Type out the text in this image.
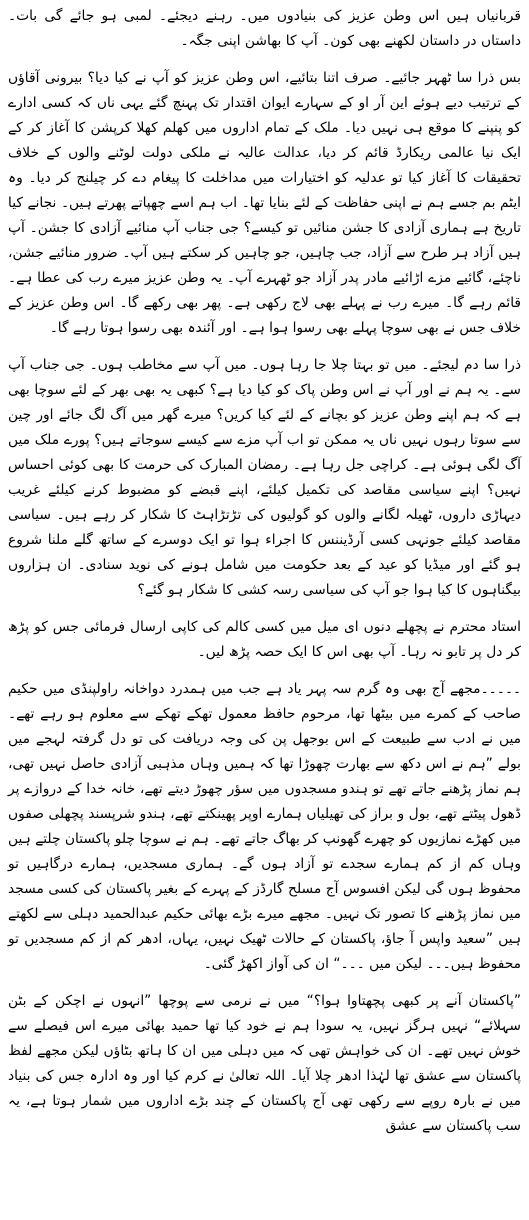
قربانیاں ہیں اس وطن عزیز کی بنیادوں میں۔ رہنے دیجئے۔ لمبی ہو جائے گی بات۔ داستاں در داستان لکھنے بھی کون۔ آپ کا بھاشن اپنی جگہ۔

بس ذرا سا ٹھہر جائیے۔ صرف اتنا بتائیے، اس وطن عزیز کو آپ نے کیا دیا؟ بیرونی آقاؤں کے ترتیب دیے ہوئے این آر او کے سہارے ایوان اقتدار تک پہنچ گئے یہی ناں کہ کسی ادارے کو پنپنے کا موقع ہی نہیں دیا۔ ملک کے تمام اداروں میں کھلم کھلا کرپشن کا آغاز کر کے ایک نیا عالمی ریکارڈ قائم کر دیا، عدالت عالیہ نے ملکی دولت لوٹنے والوں کے خلاف تحقیقات کا آغاز کیا تو عدلیہ کو اختیارات میں مداخلت کا پیغام دے کر چیلنج کر دیا۔ وہ ایٹم بم جسے ہم نے اپنی حفاظت کے لئے بنایا تھا۔ اب ہم اسے چھپاتے پھرتے ہیں۔ نجانے کیا تاریخ ہے ہماری آزادی کا جشن منائیں تو کیسے؟ جی جناب آپ منائیے آزادی کا جشن۔ آپ ہیں آزاد ہر طرح سے آزاد، جب چاہیں، جو چاہیں کر سکتے ہیں آپ۔ ضرور منائیے جشن، ناچئے، گائیے مزے اڑائیے مادر پدر آزاد جو ٹھہرے آپ۔ یہ وطن عزیز میرے رب کی عطا ہے۔ قائم رہے گا۔ میرے رب نے پہلے بھی لاج رکھی ہے۔ پھر بھی رکھے گا۔ اس وطن عزیز کے خلاف جس نے بھی سوچا پہلے بھی رسوا ہوا ہے۔ اور آئندہ بھی رسوا ہوتا رہے گا۔

ذرا سا دم لیجئے۔ میں تو بہتا چلا جا رہا ہوں۔ میں آپ سے مخاطب ہوں۔ جی جناب آپ سے۔ یہ ہم نے اور آپ نے اس وطن پاک کو کیا دیا ہے؟ کبھی یہ بھی بھر کے لئے سوچا بھی ہے کہ ہم اپنے وطن عزیز کو بچانے کے لئے کیا کریں؟ میرے گھر میں آگ لگ جائے اور چین سے سوتا رہوں نہیں ناں یہ ممکن تو اب آپ مزے سے کیسے سوجاتے ہیں؟ پورے ملک میں آگ لگی ہوئی ہے۔ کراچی جل رہا ہے۔ رمضان المبارک کی حرمت کا بھی کوئی احساس نہیں؟ اپنے سیاسی مقاصد کی تکمیل کیلئے، اپنے قبضے کو مضبوط کرنے کیلئے غریب دیہاڑی داروں، ٹھیلہ لگانے والوں کو گولیوں کی تڑتڑاہٹ کا شکار کر رہے ہیں۔ سیاسی مقاصد کیلئے جونہی کسی آرڈیننس کا اجراء ہوا تو ایک دوسرے کے ساتھ گلے ملنا شروع ہو گئے اور میڈیا کو عید کے بعد حکومت میں شامل ہونے کی نوید سنادی۔ ان ہزاروں بیگناہوں کا کیا ہوا جو آپ کی سیاسی رسہ کشی کا شکار ہو گئے؟

استاد محترم نے پچھلے دنوں ای میل میں کسی کالم کی کاپی ارسال فرمائی جس کو پڑھ کر دل پر تابو نہ رہا۔ آپ بھی اس کا ایک حصہ پڑھ لیں۔

۔۔۔۔۔مجھے آج بھی وہ گرم سہ پہر یاد ہے جب میں ہمدرد دواخانہ راولپنڈی میں حکیم صاحب کے کمرے میں بیٹھا تھا، مرحوم حافظ معمول تھکے تھکے سے معلوم ہو رہے تھے۔ میں نے ادب سے طبیعت کے اس بوجھل پن کی وجہ دریافت کی تو دل گرفتہ لہجے میں بولے ”ہم نے اس دکھ سے بھارت چھوڑا تھا کہ ہمیں وہاں مذہبی آزادی حاصل نہیں تھی، ہم نماز پڑھنے جاتے تھے تو ہندو مسجدوں میں سؤر چھوڑ دیتے تھے، خانہ خدا کے دروازے پر ڈھول پیٹتے تھے، بول و براز کی تھیلیاں ہمارے اوپر پھینکتے تھے، ہندو شرپسند پچھلی صفوں میں کھڑے نمازیوں کو چھرے گھونپ کر بھاگ جاتے تھے۔ ہم نے سوچا چلو پاکستان چلتے ہیں وہاں کم از کم ہمارے سجدے تو آزاد ہوں گے۔ ہماری مسجدیں، ہمارے درگاہیں تو محفوظ ہوں گی لیکن افسوس آج مسلح گارڈز کے پہرے کے بغیر پاکستان کی کسی مسجد میں نماز پڑھنے کا تصور تک نہیں۔ مجھے میرے بڑے بھائی حکیم عبدالحمید دہلی سے لکھتے ہیں ”سعید واپس آ جاؤ، پاکستان کے حالات ٹھیک نہیں، یہاں، ادھر کم از کم مسجدیں تو محفوظ ہیں۔۔۔ لیکن میں ۔۔۔“ ان کی آواز اکھڑ گئی۔

”پاکستان آنے پر کبھی پچھتاوا ہوا؟“ میں نے نرمی سے پوچھا ”انہوں نے اچکن کے بٹن سہلائے“ نہیں ہرگز نہیں، یہ سودا ہم نے خود کیا تھا حمید بھائی میرے اس فیصلے سے خوش نہیں تھے۔ ان کی خواہش تھی کہ میں دہلی میں ان کا ہاتھ بٹاؤں لیکن مجھے لفظ پاکستان سے عشق تھا لہٰذا ادھر چلا آیا۔ اللہ تعالیٰ نے کرم کیا اور وہ ادارہ جس کی بنیاد میں نے بارہ روپے سے رکھی تھی آج پاکستان کے چند بڑے اداروں میں شمار ہوتا ہے، یہ سب پاکستان سے عشق
